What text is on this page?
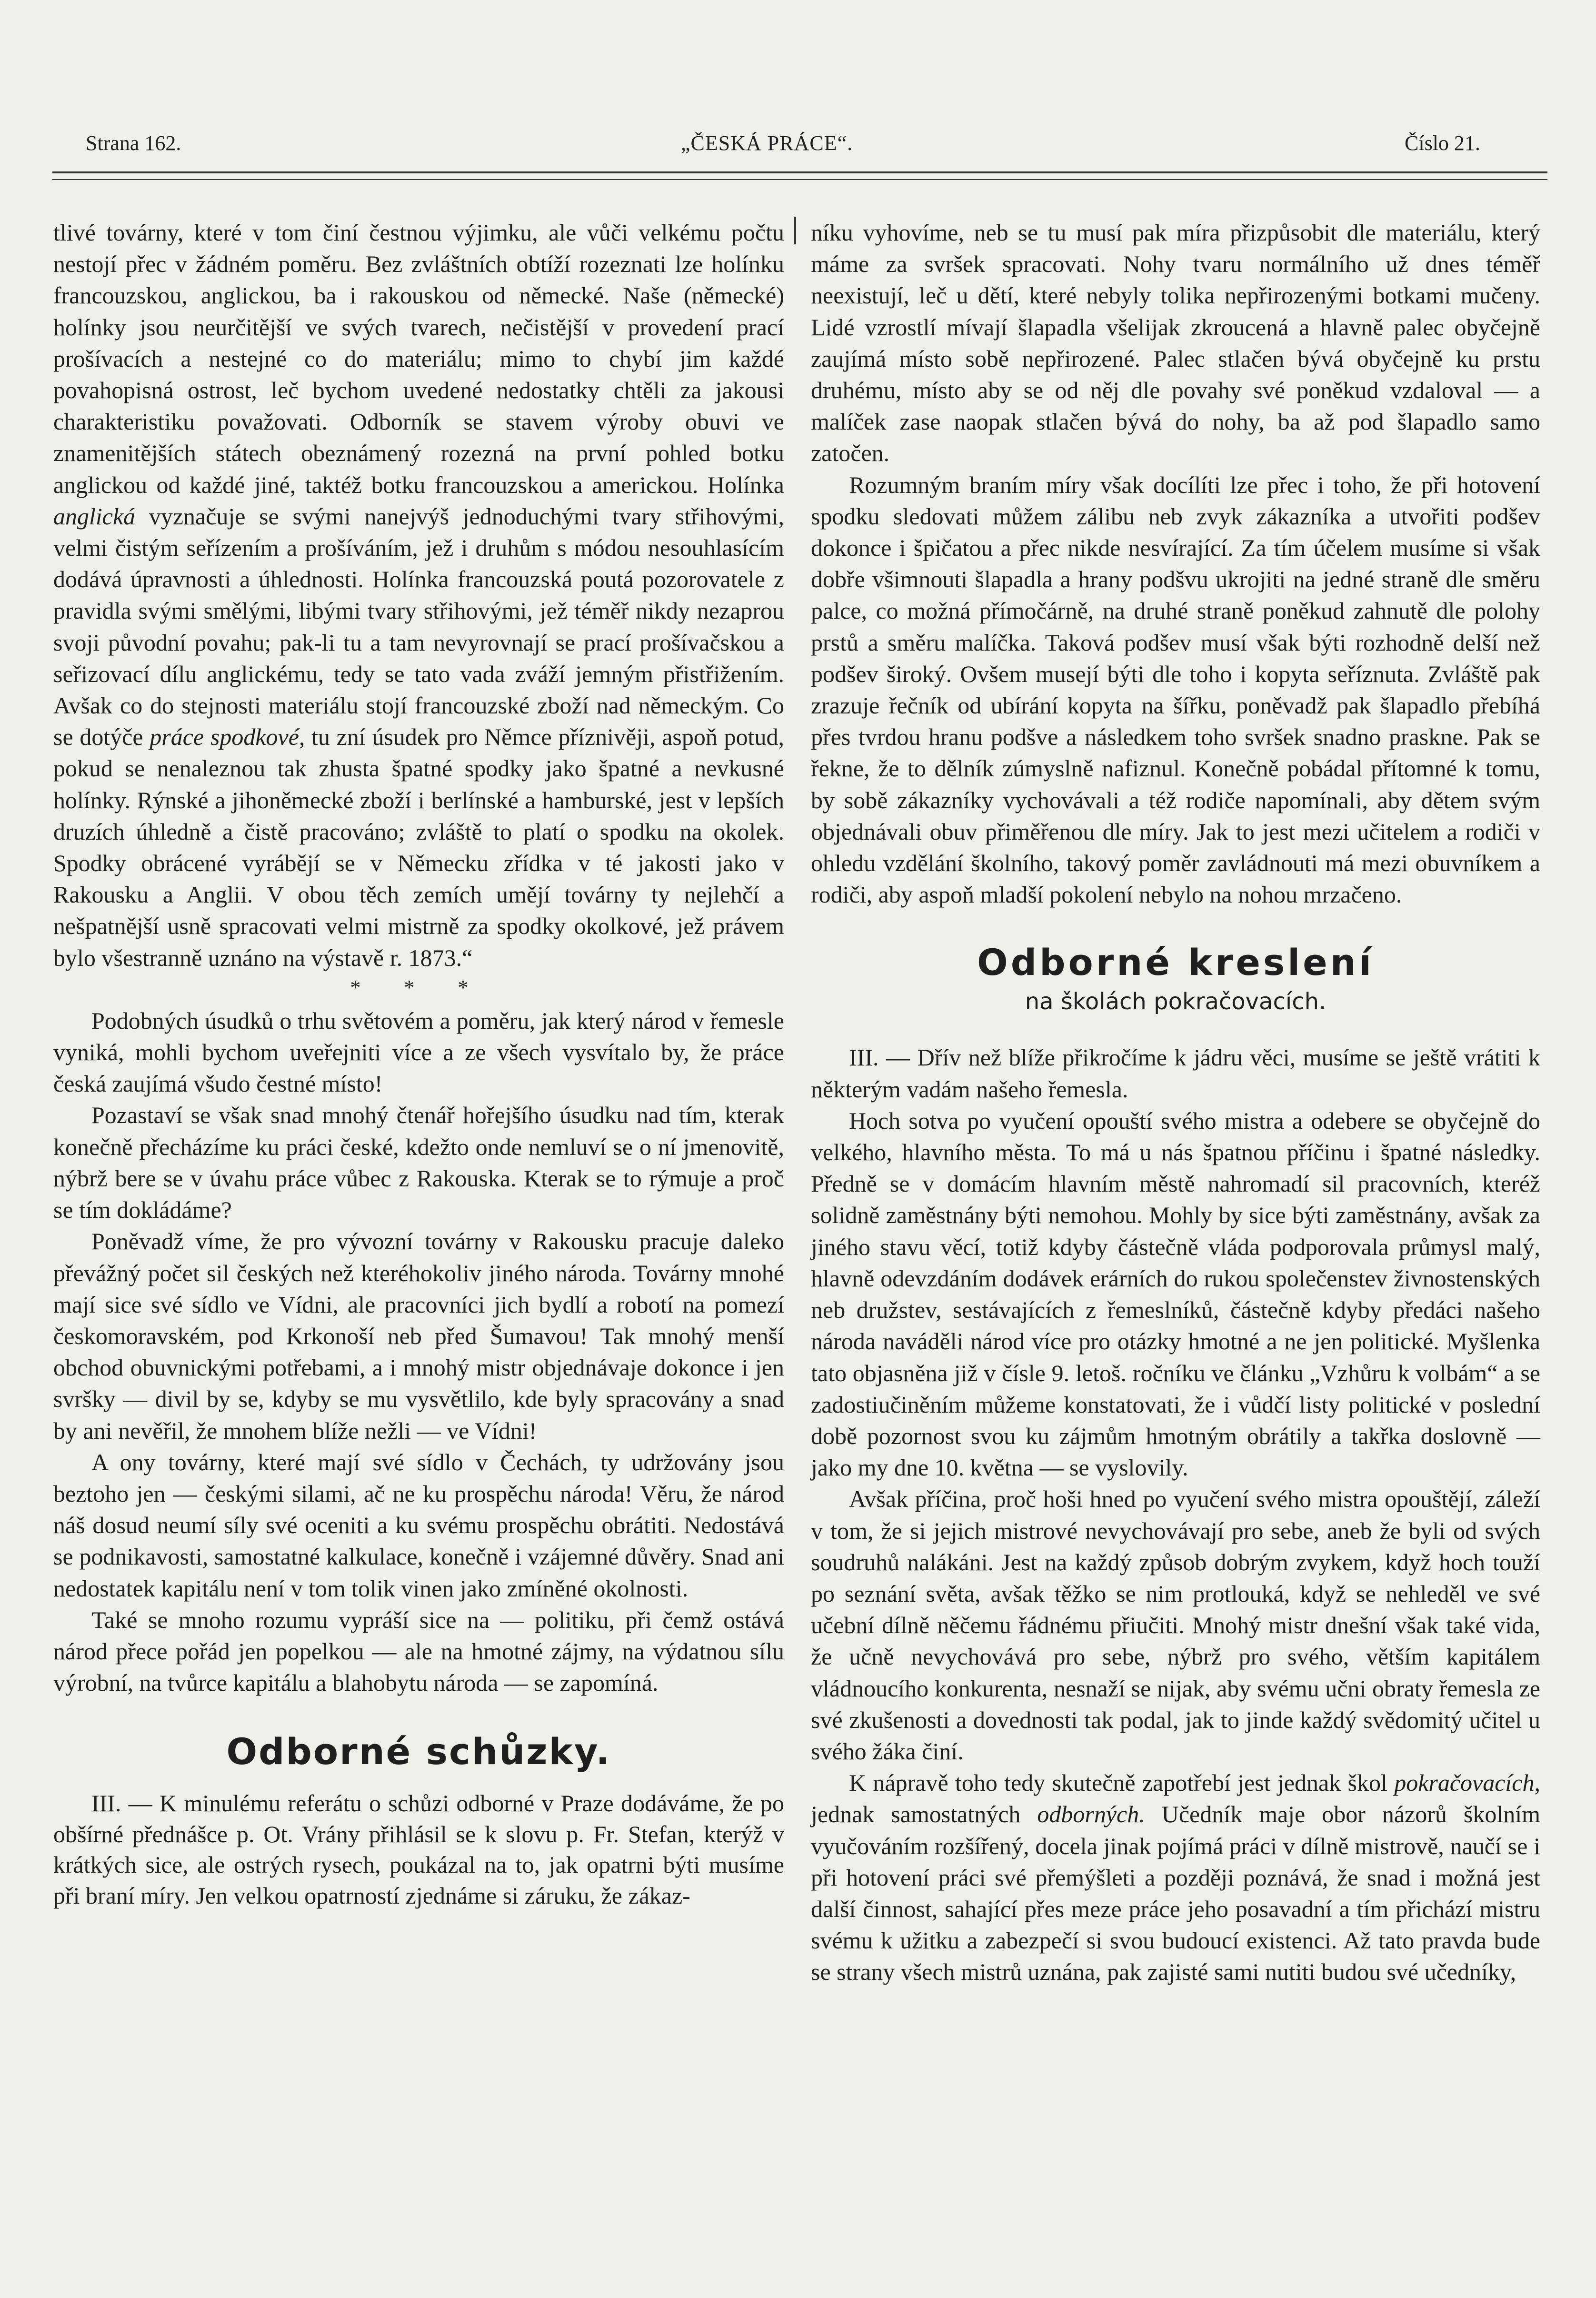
Strana 162.	„ČESKÁ PRÁCE“.	Číslo 21.

tlivé továrny, které v tom činí čestnou výjimku, ale vůči velkému počtu nestojí přec v žádném poměru. Bez zvláštních obtíží rozeznati lze holínku francouzskou, anglickou, ba i rakouskou od německé. Naše (německé) holínky jsou neurčitější ve svých tvarech, nečistější v provedení prací prošívacích a nestejné co do materiálu; mimo to chybí jim každé povahopisná ostrost, leč bychom uvedené nedostatky chtěli za jakousi charakteristiku považovati. Odborník se stavem výroby obuvi ve znamenitějších státech obeznámený rozezná na první pohled botku anglickou od každé jiné, taktéž botku francouzskou a americkou. Holínka anglická vyznačuje se svými nanejvýš jednoduchými tvary střihovými, velmi čistým seřízením a prošíváním, jež i druhům s módou nesouhlasícím dodává úpravnosti a úhlednosti. Holínka francouzská poutá pozorovatele z pravidla svými smělými, libými tvary střihovými, jež téměř nikdy nezaprou svoji původní povahu; pak-li tu a tam nevyrovnají se prací prošívačskou a seřizovací dílu anglickému, tedy se tato vada zváží jemným přistřižením. Avšak co do stejnosti materiálu stojí francouzské zboží nad německým. Co se dotýče práce spodkové, tu zní úsudek pro Němce příznivěji, aspoň potud, pokud se nenaleznou tak zhusta špatné spodky jako špatné a nevkusné holínky. Rýnské a jihoněmecké zboží i berlínské a hamburské, jest v lepších druzích úhledně a čistě pracováno; zvláště to platí o spodku na okolek. Spodky obrácené vyrábějí se v Německu zřídka v té jakosti jako v Rakousku a Anglii. V obou těch zemích umějí továrny ty nejlehčí a nešpatnější usně spracovati velmi mistrně za spodky okolkové, jež právem bylo všestranně uznáno na výstavě r. 1873.“

* * *

Podobných úsudků o trhu světovém a poměru, jak který národ v řemesle vyniká, mohli bychom uveřejniti více a ze všech vysvítalo by, že práce česká zaujímá všudo čestné místo!

Pozastaví se však snad mnohý čtenář hořejšího úsudku nad tím, kterak konečně přecházíme ku práci české, kdežto onde nemluví se o ní jmenovitě, nýbrž bere se v úvahu práce vůbec z Rakouska. Kterak se to rýmuje a proč se tím dokládáme?

Poněvadž víme, že pro vývozní továrny v Rakousku pracuje daleko převážný počet sil českých než kteréhokoliv jiného národa. Továrny mnohé mají sice své sídlo ve Vídni, ale pracovníci jich bydlí a robotí na pomezí českomoravském, pod Krkonoší neb před Šumavou! Tak mnohý menší obchod obuvnickými potřebami, a i mnohý mistr objednávaje dokonce i jen svršky — divil by se, kdyby se mu vysvětlilo, kde byly spracovány a snad by ani nevěřil, že mnohem blíže nežli — ve Vídni!

A ony továrny, které mají své sídlo v Čechách, ty udržovány jsou beztoho jen — českými silami, ač ne ku prospěchu národa! Věru, že národ náš dosud neumí síly své oceniti a ku svému prospěchu obrátiti. Nedostává se podnikavosti, samostatné kalkulace, konečně i vzájemné důvěry. Snad ani nedostatek kapitálu není v tom tolik vinen jako zmíněné okolnosti.

Také se mnoho rozumu vypráší sice na — politiku, při čemž ostává národ přece pořád jen popelkou — ale na hmotné zájmy, na výdatnou sílu výrobní, na tvůrce kapitálu a blahobytu národa — se zapomíná.

Odborné schůzky.

III. — K minulému referátu o schůzi odborné v Praze dodáváme, že po obšírné přednášce p. Ot. Vrány přihlásil se k slovu p. Fr. Stefan, kterýž v krátkých sice, ale ostrých rysech, poukázal na to, jak opatrni býti musíme při braní míry. Jen velkou opatrností zjednáme si záruku, že zákaz-

níku vyhovíme, neb se tu musí pak míra přizpůsobit dle materiálu, který máme za svršek spracovati. Nohy tvaru normálního už dnes téměř neexistují, leč u dětí, které nebyly tolika nepřirozenými botkami mučeny. Lidé vzrostlí mívají šlapadla všelijak zkroucená a hlavně palec obyčejně zaujímá místo sobě nepřirozené. Palec stlačen bývá obyčejně ku prstu druhému, místo aby se od něj dle povahy své poněkud vzdaloval — a malíček zase naopak stlačen bývá do nohy, ba až pod šlapadlo samo zatočen.

Rozumným braním míry však docílíti lze přec i toho, že při hotovení spodku sledovati můžem zálibu neb zvyk zákazníka a utvořiti podšev dokonce i špičatou a přec nikde nesvírající. Za tím účelem musíme si však dobře všimnouti šlapadla a hrany podšvu ukrojiti na jedné straně dle směru palce, co možná přímočárně, na druhé straně poněkud zahnutě dle polohy prstů a směru malíčka. Taková podšev musí však býti rozhodně delší než podšev široký. Ovšem musejí býti dle toho i kopyta seříznuta. Zvláště pak zrazuje řečník od ubírání kopyta na šířku, poněvadž pak šlapadlo přebíhá přes tvrdou hranu podšve a následkem toho svršek snadno praskne. Pak se řekne, že to dělník zúmyslně nafiznul. Konečně pobádal přítomné k tomu, by sobě zákazníky vychovávali a též rodiče napomínali, aby dětem svým objednávali obuv přiměřenou dle míry. Jak to jest mezi učitelem a rodiči v ohledu vzdělání školního, takový poměr zavládnouti má mezi obuvníkem a rodiči, aby aspoň mladší pokolení nebylo na nohou mrzačeno.

Odborné kreslení
na školách pokračovacích.

III. — Dřív než blíže přikročíme k jádru věci, musíme se ještě vrátiti k některým vadám našeho řemesla.

Hoch sotva po vyučení opouští svého mistra a odebere se obyčejně do velkého, hlavního města. To má u nás špatnou příčinu i špatné následky. Předně se v domácím hlavním městě nahromadí sil pracovních, kteréž solidně zaměstnány býti nemohou. Mohly by sice býti zaměstnány, avšak za jiného stavu věcí, totiž kdyby částečně vláda podporovala průmysl malý, hlavně odevzdáním dodávek erárních do rukou společenstev živnostenských neb družstev, sestávajících z řemeslníků, částečně kdyby předáci našeho národa naváděli národ více pro otázky hmotné a ne jen politické. Myšlenka tato objasněna již v čísle 9. letoš. ročníku ve článku „Vzhůru k volbám“ a se zadostiučiněním můžeme konstatovati, že i vůdčí listy politické v poslední době pozornost svou ku zájmům hmotným obrátily a takřka doslovně — jako my dne 10. května — se vyslovily.

Avšak příčina, proč hoši hned po vyučení svého mistra opouštějí, záleží v tom, že si jejich mistrové nevychovávají pro sebe, aneb že byli od svých soudruhů nalákáni. Jest na každý způsob dobrým zvykem, když hoch touží po seznání světa, avšak těžko se nim protlouká, když se nehleděl ve své učební dílně něčemu řádnému přiučiti. Mnohý mistr dnešní však také vida, že učně nevychovává pro sebe, nýbrž pro svého, větším kapitálem vládnoucího konkurenta, nesnaží se nijak, aby svému učni obraty řemesla ze své zkušenosti a dovednosti tak podal, jak to jinde každý svědomitý učitel u svého žáka činí.

K nápravě toho tedy skutečně zapotřebí jest jednak škol pokračovacích, jednak samostatných odborných. Učedník maje obor názorů školním vyučováním rozšířený, docela jinak pojímá práci v dílně mistrově, naučí se i při hotovení práci své přemýšleti a později poznává, že snad i možná jest další činnost, sahající přes meze práce jeho posavadní a tím přichází mistru svému k užitku a zabezpečí si svou budoucí existenci. Až tato pravda bude se strany všech mistrů uznána, pak zajisté sami nutiti budou své učedníky,
